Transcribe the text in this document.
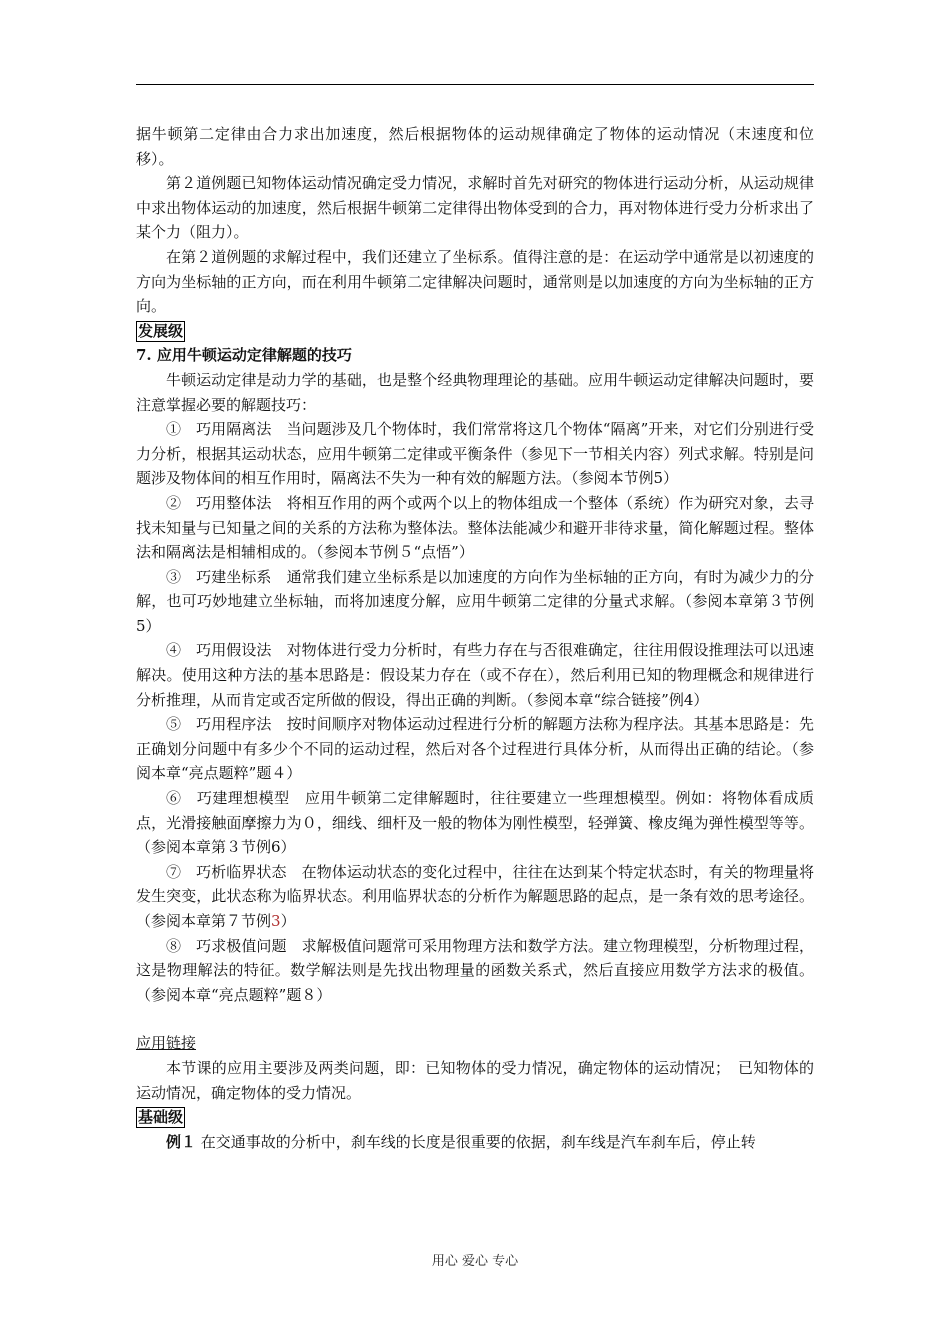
据牛顿第二定律由合力求出加速度，然后根据物体的运动规律确定了物体的运动情况（末速度和位移）。

第２道例题已知物体运动情况确定受力情况，求解时首先对研究的物体进行运动分析，从运动规律中求出物体运动的加速度，然后根据牛顿第二定律得出物体受到的合力，再对物体进行受力分析求出了某个力（阻力）。

在第２道例题的求解过程中，我们还建立了坐标系。值得注意的是：在运动学中通常是以初速度的方向为坐标轴的正方向，而在利用牛顿第二定律解决问题时，通常则是以加速度的方向为坐标轴的正方向。

发展级

7. 应用牛顿运动定律解题的技巧

牛顿运动定律是动力学的基础，也是整个经典物理理论的基础。应用牛顿运动定律解决问题时，要注意掌握必要的解题技巧：

①　巧用隔离法　当问题涉及几个物体时，我们常常将这几个物体“隔离”开来，对它们分别进行受力分析，根据其运动状态，应用牛顿第二定律或平衡条件（参见下一节相关内容）列式求解。特别是问题涉及物体间的相互作用时，隔离法不失为一种有效的解题方法。（参阅本节例5）

②　巧用整体法　将相互作用的两个或两个以上的物体组成一个整体（系统）作为研究对象，去寻找未知量与已知量之间的关系的方法称为整体法。整体法能减少和避开非待求量，简化解题过程。整体法和隔离法是相辅相成的。（参阅本节例５“点悟”）

③　巧建坐标系　通常我们建立坐标系是以加速度的方向作为坐标轴的正方向，有时为减少力的分解，也可巧妙地建立坐标轴，而将加速度分解，应用牛顿第二定律的分量式求解。（参阅本章第３节例5）

④　巧用假设法　对物体进行受力分析时，有些力存在与否很难确定，往往用假设推理法可以迅速解决。使用这种方法的基本思路是：假设某力存在（或不存在），然后利用已知的物理概念和规律进行分析推理，从而肯定或否定所做的假设，得出正确的判断。（参阅本章“综合链接”例4）

⑤　巧用程序法　按时间顺序对物体运动过程进行分析的解题方法称为程序法。其基本思路是：先正确划分问题中有多少个不同的运动过程，然后对各个过程进行具体分析，从而得出正确的结论。（参阅本章“亮点题粹”题４）

⑥　巧建理想模型　应用牛顿第二定律解题时，往往要建立一些理想模型。例如：将物体看成质点，光滑接触面摩擦力为０，细线、细杆及一般的物体为刚性模型，轻弹簧、橡皮绳为弹性模型等等。（参阅本章第３节例6）

⑦　巧析临界状态　在物体运动状态的变化过程中，往往在达到某个特定状态时，有关的物理量将发生突变，此状态称为临界状态。利用临界状态的分析作为解题思路的起点，是一条有效的思考途径。（参阅本章第７节例3）

⑧　巧求极值问题　求解极值问题常可采用物理方法和数学方法。建立物理模型，分析物理过程，这是物理解法的特征。数学解法则是先找出物理量的函数关系式，然后直接应用数学方法求的极值。（参阅本章“亮点题粹”题８）

应用链接

本节课的应用主要涉及两类问题，即：已知物体的受力情况，确定物体的运动情况；　已知物体的运动情况，确定物体的受力情况。

基础级

例１ 在交通事故的分析中，刹车线的长度是很重要的依据，刹车线是汽车刹车后，停止转

用心 爱心 专心
